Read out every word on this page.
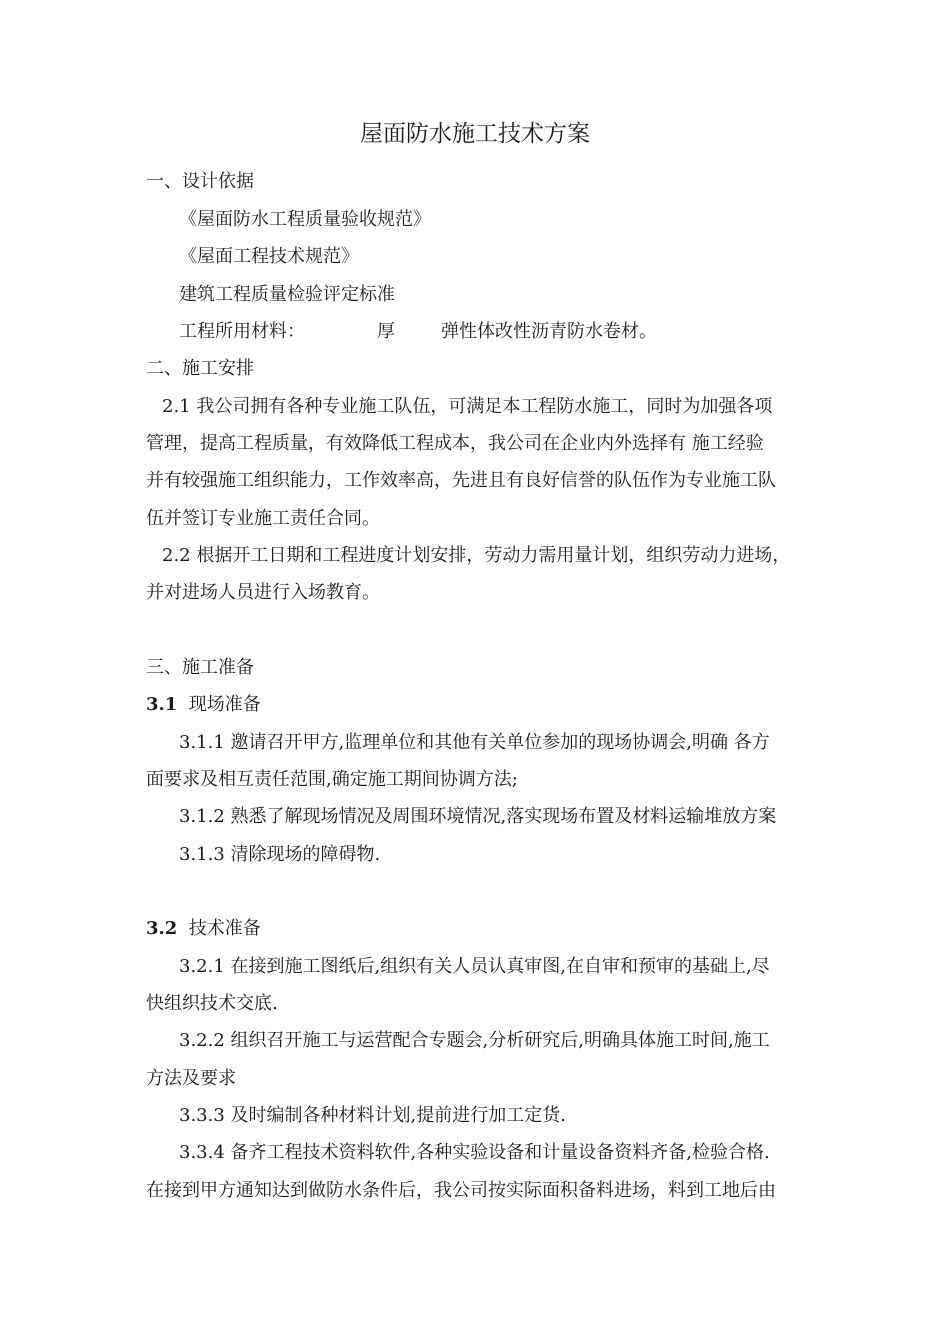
屋面防水施工技术方案
一、设计依据
《屋面防水工程质量验收规范》
《屋面工程技术规范》
建筑工程质量检验评定标准
工程所用材料：	厚	弹性体改性沥青防水卷材。
二、施工安排
2.1 我公司拥有各种专业施工队伍，可满足本工程防水施工，同时为加强各项
管理，提高工程质量，有效降低工程成本，我公司在企业内外选择有 施工经验
并有较强施工组织能力，工作效率高，先进且有良好信誉的队伍作为专业施工队
伍并签订专业施工责任合同。
2.2 根据开工日期和工程进度计划安排，劳动力需用量计划，组织劳动力进场，
并对进场人员进行入场教育。
三、施工准备
3.1 现场准备
3.1.1 邀请召开甲方,监理单位和其他有关单位参加的现场协调会,明确 各方
面要求及相互责任范围,确定施工期间协调方法;
3.1.2 熟悉了解现场情况及周围环境情况,落实现场布置及材料运输堆放方案
3.1.3 清除现场的障碍物.
3.2 技术准备
3.2.1 在接到施工图纸后,组织有关人员认真审图,在自审和预审的基础上,尽
快组织技术交底.
3.2.2 组织召开施工与运营配合专题会,分析研究后,明确具体施工时间,施工
方法及要求
3.3.3 及时编制各种材料计划,提前进行加工定货.
3.3.4 备齐工程技术资料软件,各种实验设备和计量设备资料齐备,检验合格.
在接到甲方通知达到做防水条件后，我公司按实际面积备料进场，料到工地后由
